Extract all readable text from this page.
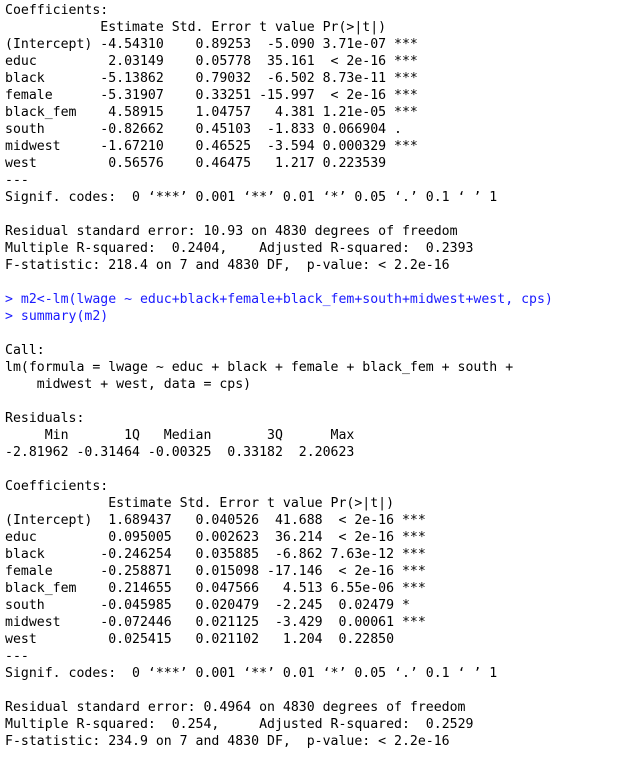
Coefficients:
Estimate Std. Error t value Pr(>|t|)
(Intercept) -4.54310    0.89253  -5.090 3.71e-07 ***
educ         2.03149    0.05778  35.161  < 2e-16 ***
black       -5.13862    0.79032  -6.502 8.73e-11 ***
female      -5.31907    0.33251 -15.997  < 2e-16 ***
black_fem    4.58915    1.04757   4.381 1.21e-05 ***
south       -0.82662    0.45103  -1.833 0.066904 .
midwest     -1.67210    0.46525  -3.594 0.000329 ***
west         0.56576    0.46475   1.217 0.223539
---
Signif. codes:  0 ‘***’ 0.001 ‘**’ 0.01 ‘*’ 0.05 ‘.’ 0.1 ‘ ’ 1
Residual standard error: 10.93 on 4830 degrees of freedom
Multiple R-squared:  0.2404,	Adjusted R-squared:  0.2393
F-statistic: 218.4 on 7 and 4830 DF,  p-value: < 2.2e-16
> m2<-lm(lwage ~ educ+black+female+black_fem+south+midwest+west, cps)
> summary(m2)
Call:
lm(formula = lwage ~ educ + black + female + black_fem + south +
midwest + west, data = cps)
Residuals:
Min       1Q   Median       3Q      Max
-2.81962 -0.31464 -0.00325  0.33182  2.20623
Coefficients:
Estimate Std. Error t value Pr(>|t|)
(Intercept)  1.689437   0.040526  41.688  < 2e-16 ***
educ         0.095005   0.002623  36.214  < 2e-16 ***
black       -0.246254   0.035885  -6.862 7.63e-12 ***
female      -0.258871   0.015098 -17.146  < 2e-16 ***
black_fem    0.214655   0.047566   4.513 6.55e-06 ***
south       -0.045985   0.020479  -2.245  0.02479 *
midwest     -0.072446   0.021125  -3.429  0.00061 ***
west         0.025415   0.021102   1.204  0.22850
---
Signif. codes:  0 ‘***’ 0.001 ‘**’ 0.01 ‘*’ 0.05 ‘.’ 0.1 ‘ ’ 1
Residual standard error: 0.4964 on 4830 degrees of freedom
Multiple R-squared:  0.254,	Adjusted R-squared:  0.2529
F-statistic: 234.9 on 7 and 4830 DF,  p-value: < 2.2e-16
